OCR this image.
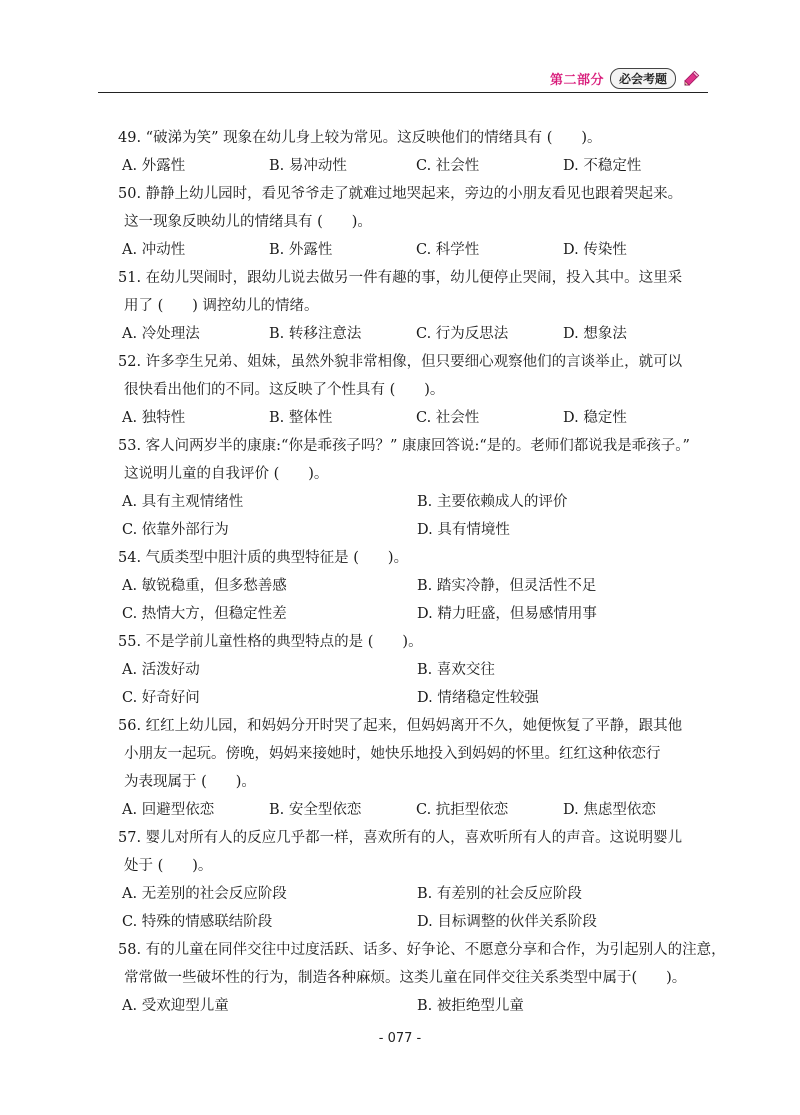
第二部分	必会考题
49. “破涕为笑” 现象在幼儿身上较为常见。这反映他们的情绪具有 (　　)。
A. 外露性	B. 易冲动性	C. 社会性	D. 不稳定性
50. 静静上幼儿园时，看见爷爷走了就难过地哭起来，旁边的小朋友看见也跟着哭起来。
这一现象反映幼儿的情绪具有 (　　)。
A. 冲动性	B. 外露性	C. 科学性	D. 传染性
51. 在幼儿哭闹时，跟幼儿说去做另一件有趣的事，幼儿便停止哭闹，投入其中。这里采
用了 (　　) 调控幼儿的情绪。
A. 冷处理法	B. 转移注意法	C. 行为反思法	D. 想象法
52. 许多孪生兄弟、姐妹，虽然外貌非常相像，但只要细心观察他们的言谈举止，就可以
很快看出他们的不同。这反映了个性具有 (　　)。
A. 独特性	B. 整体性	C. 社会性	D. 稳定性
53. 客人问两岁半的康康:“你是乖孩子吗？” 康康回答说:“是的。老师们都说我是乖孩子。”
这说明儿童的自我评价 (　　)。
A. 具有主观情绪性	B. 主要依赖成人的评价
C. 依靠外部行为	D. 具有情境性
54. 气质类型中胆汁质的典型特征是 (　　)。
A. 敏锐稳重，但多愁善感	B. 踏实冷静，但灵活性不足
C. 热情大方，但稳定性差	D. 精力旺盛，但易感情用事
55. 不是学前儿童性格的典型特点的是 (　　)。
A. 活泼好动	B. 喜欢交往
C. 好奇好问	D. 情绪稳定性较强
56. 红红上幼儿园，和妈妈分开时哭了起来，但妈妈离开不久，她便恢复了平静，跟其他
小朋友一起玩。傍晚，妈妈来接她时，她快乐地投入到妈妈的怀里。红红这种依恋行
为表现属于 (　　)。
A. 回避型依恋	B. 安全型依恋	C. 抗拒型依恋	D. 焦虑型依恋
57. 婴儿对所有人的反应几乎都一样，喜欢所有的人，喜欢听所有人的声音。这说明婴儿
处于 (　　)。
A. 无差别的社会反应阶段	B. 有差别的社会反应阶段
C. 特殊的情感联结阶段	D. 目标调整的伙伴关系阶段
58. 有的儿童在同伴交往中过度活跃、话多、好争论、不愿意分享和合作，为引起别人的注意，
常常做一些破坏性的行为，制造各种麻烦。这类儿童在同伴交往关系类型中属于(　　)。
A. 受欢迎型儿童	B. 被拒绝型儿童
- 077 -
